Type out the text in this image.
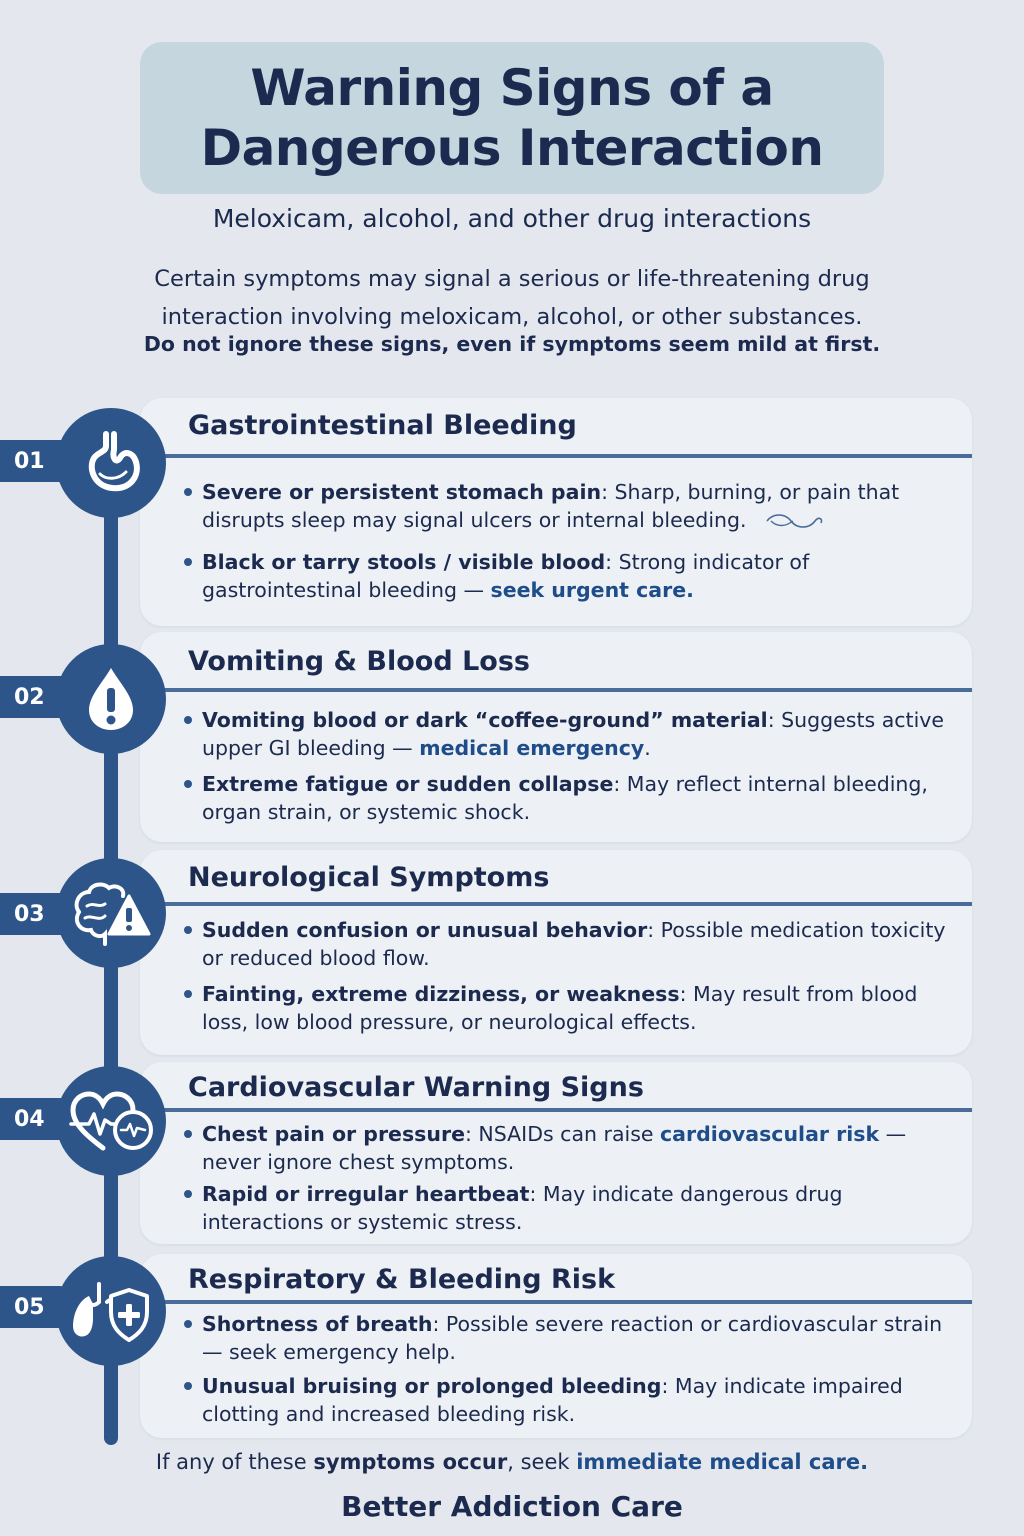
Warning Signs of a
Dangerous Interaction
Meloxicam, alcohol, and other drug interactions
Certain symptoms may signal a serious or life-threatening drug
interaction involving meloxicam, alcohol, or other substances.
Do not ignore these signs, even if symptoms seem mild at first.
Gastrointestinal Bleeding
Severe or persistent stomach pain: Sharp, burning, or pain that disrupts sleep may signal ulcers or internal bleeding.
Black or tarry stools / visible blood: Strong indicator of gastrointestinal bleeding — seek urgent care.
01
Vomiting & Blood Loss
Vomiting blood or dark “coffee-ground” material: Suggests active upper GI bleeding — medical emergency.
Extreme fatigue or sudden collapse: May reflect internal bleeding, organ strain, or systemic shock.
02
Neurological Symptoms
Sudden confusion or unusual behavior: Possible medication toxicity or reduced blood flow.
Fainting, extreme dizziness, or weakness: May result from blood loss, low blood pressure, or neurological effects.
03
Cardiovascular Warning Signs
Chest pain or pressure: NSAIDs can raise cardiovascular risk — never ignore chest symptoms.
Rapid or irregular heartbeat: May indicate dangerous drug interactions or systemic stress.
04
Respiratory & Bleeding Risk
Shortness of breath: Possible severe reaction or cardiovascular strain — seek emergency help.
Unusual bruising or prolonged bleeding: May indicate impaired clotting and increased bleeding risk.
05
If any of these symptoms occur, seek immediate medical care.
Better Addiction Care
